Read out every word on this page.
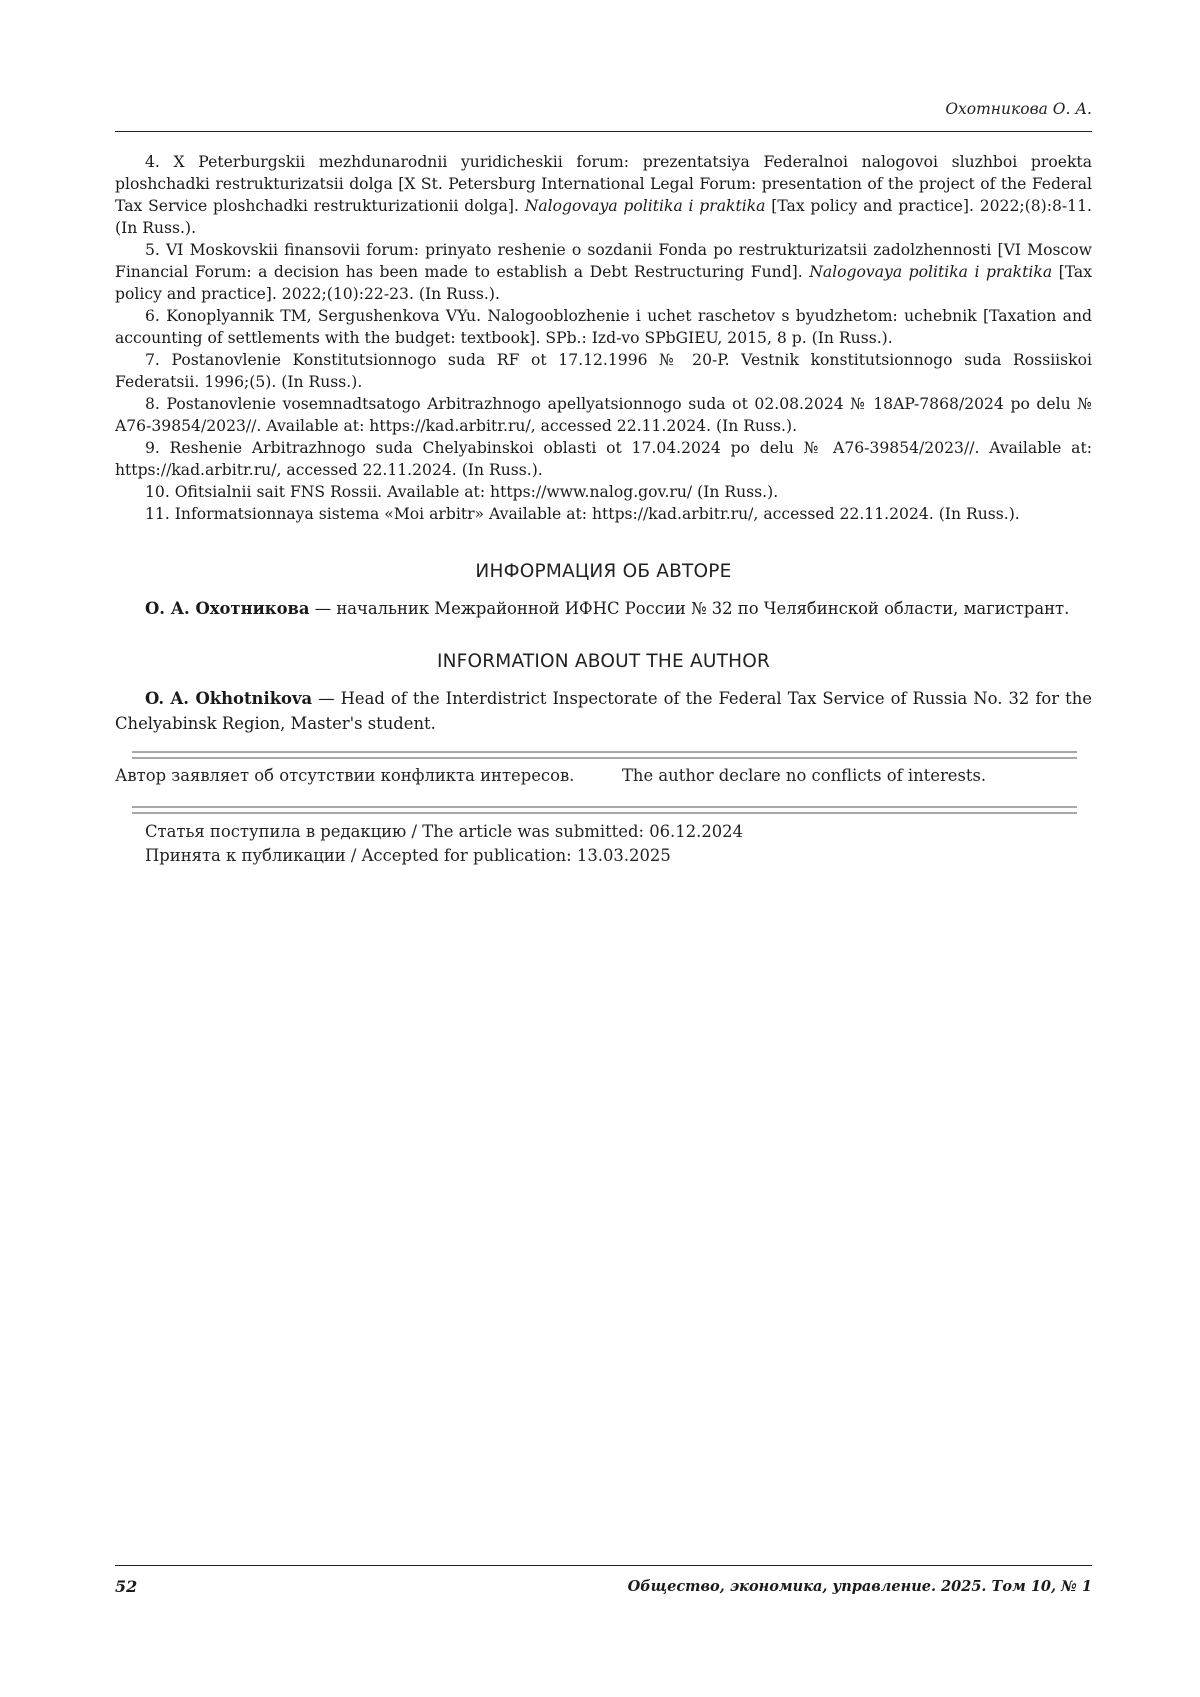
Охотникова О. А.

4. X Peterburgskii mezhdunarodnii yuridicheskii forum: prezentatsiya Federalnoi nalogovoi sluzhboi proekta ploshchadki restrukturizatsii dolga [X St. Petersburg International Legal Forum: presentation of the project of the Federal Tax Service ploshchadki restrukturizationii dolga]. Nalogovaya politika i praktika [Tax policy and practice]. 2022;(8):8-11. (In Russ.).

5. VI Moskovskii finansovii forum: prinyato reshenie o sozdanii Fonda po restrukturizatsii zadolzhennosti [VI Moscow Financial Forum: a decision has been made to establish a Debt Restructuring Fund]. Nalogovaya politika i praktika [Tax policy and practice]. 2022;(10):22-23. (In Russ.).

6. Konoplyannik TM, Sergushenkova VYu. Nalogooblozhenie i uchet raschetov s byudzhetom: uchebnik [Taxation and accounting of settlements with the budget: textbook]. SPb.: Izd-vo SPbGIEU, 2015, 8 p. (In Russ.).

7. Postanovlenie Konstitutsionnogo suda RF ot 17.12.1996 № 20-P. Vestnik konstitutsionnogo suda Rossiiskoi Federatsii. 1996;(5). (In Russ.).

8. Postanovlenie vosemnadtsatogo Arbitrazhnogo apellyatsionnogo suda ot 02.08.2024 № 18AP-7868/2024 po delu № A76-39854/2023//. Available at: https://kad.arbitr.ru/, accessed 22.11.2024. (In Russ.).

9. Reshenie Arbitrazhnogo suda Chelyabinskoi oblasti ot 17.04.2024 po delu № A76-39854/2023//. Available at: https://kad.arbitr.ru/, accessed 22.11.2024. (In Russ.).

10. Ofitsialnii sait FNS Rossii. Available at: https://www.nalog.gov.ru/ (In Russ.).

11. Informatsionnaya sistema «Moi arbitr» Available at: https://kad.arbitr.ru/, accessed 22.11.2024. (In Russ.).

ИНФОРМАЦИЯ ОБ АВТОРЕ

О. А. Охотникова — начальник Межрайонной ИФНС России № 32 по Челябинской области, магистрант.

INFORMATION ABOUT THE AUTHOR

O. A. Okhotnikova — Head of the Interdistrict Inspectorate of the Federal Tax Service of Russia No. 32 for the Chelyabinsk Region, Master's student.

Автор заявляет об отсутствии конфликта интересов.	The author declare no conflicts of interests.
Статья поступила в редакцию / The article was submitted: 06.12.2024
Принята к публикации / Accepted for publication: 13.03.2025
52	Общество, экономика, управление. 2025. Том 10, № 1
